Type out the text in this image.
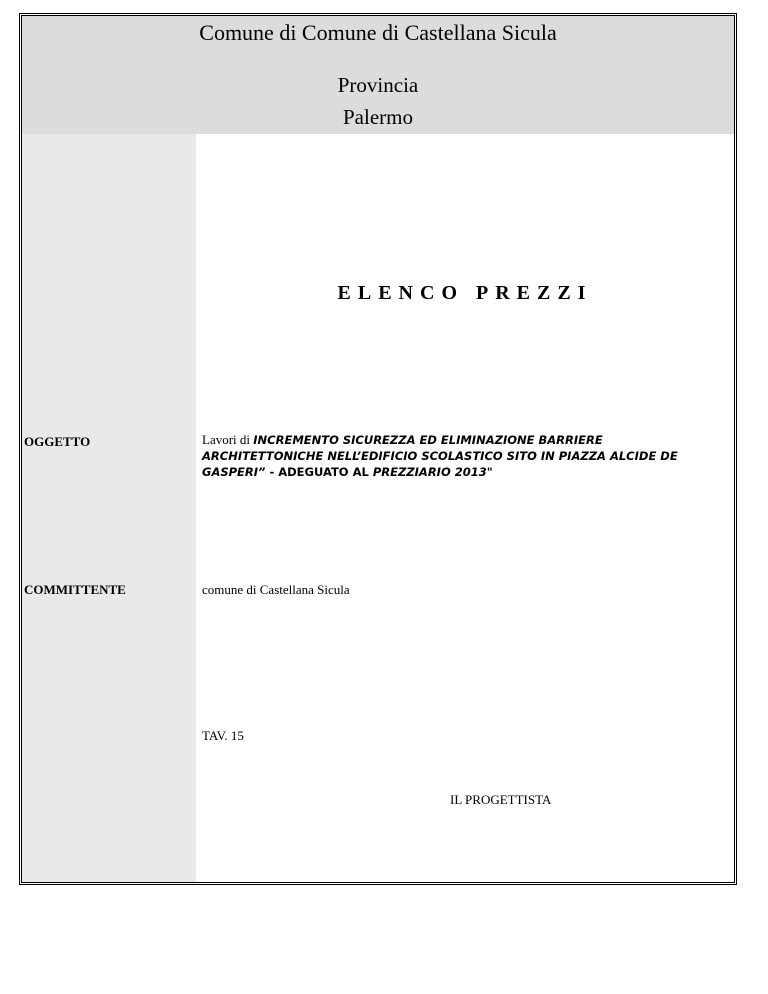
Comune di Comune di Castellana Sicula
Provincia
Palermo
ELENCO PREZZI
OGGETTO	Lavori di INCREMENTO SICUREZZA ED ELIMINAZIONE BARRIERE ARCHITETTONICHE NELL’EDIFICIO SCOLASTICO SITO IN PIAZZA ALCIDE DE GASPERI” - ADEGUATO AL PREZZIARIO 2013"
COMMITTENTE	comune di Castellana Sicula
TAV. 15
IL PROGETTISTA
